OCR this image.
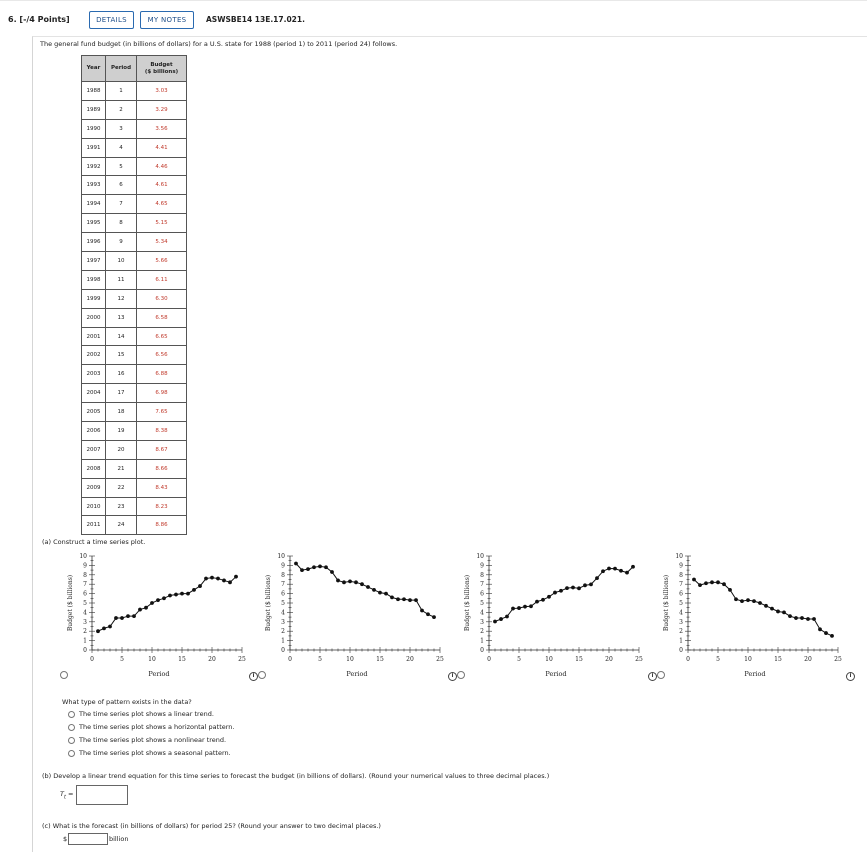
6. [-/4 Points]	DETAILS	MY NOTES	ASWSBE14 13E.17.021.
The general fund budget (in billions of dollars) for a U.S. state for 1988 (period 1) to 2011 (period 24) follows.
Year	Period	Budget
($ billions)
1988	1	3.03
1989	2	3.29
1990	3	3.56
1991	4	4.41
1992	5	4.46
1993	6	4.61
1994	7	4.65
1995	8	5.15
1996	9	5.34
1997	10	5.66
1998	11	6.11
1999	12	6.30
2000	13	6.58
2001	14	6.65
2002	15	6.56
2003	16	6.88
2004	17	6.98
2005	18	7.65
2006	19	8.38
2007	20	8.67
2008	21	8.66
2009	22	8.43
2010	23	8.23
2011	24	8.86
(a) Construct a time series plot.
0
1
2
3
4
5
6
7
8
9
10
0	5	10	15	20	25
Period
Budget ($ billions)
0
1
2
3
4
5
6
7
8
9
10
0	5	10	15	20	25
Period
Budget ($ billions)
0
1
2
3
4
5
6
7
8
9
10
0	5	10	15	20	25
Period
Budget ($ billions)
0
1
2
3
4
5
6
7
8
9
10
0	5	10	15	20	25
Period
Budget ($ billions)
i	i	i	i
What type of pattern exists in the data?
The time series plot shows a linear trend.
The time series plot shows a horizontal pattern.
The time series plot shows a nonlinear trend.
The time series plot shows a seasonal pattern.
(b) Develop a linear trend equation for this time series to forecast the budget (in billions of dollars). (Round your numerical values to three decimal places.)
$T_t$ =
(c) What is the forecast (in billions of dollars) for period 25? (Round your answer to two decimal places.)
$	billion
